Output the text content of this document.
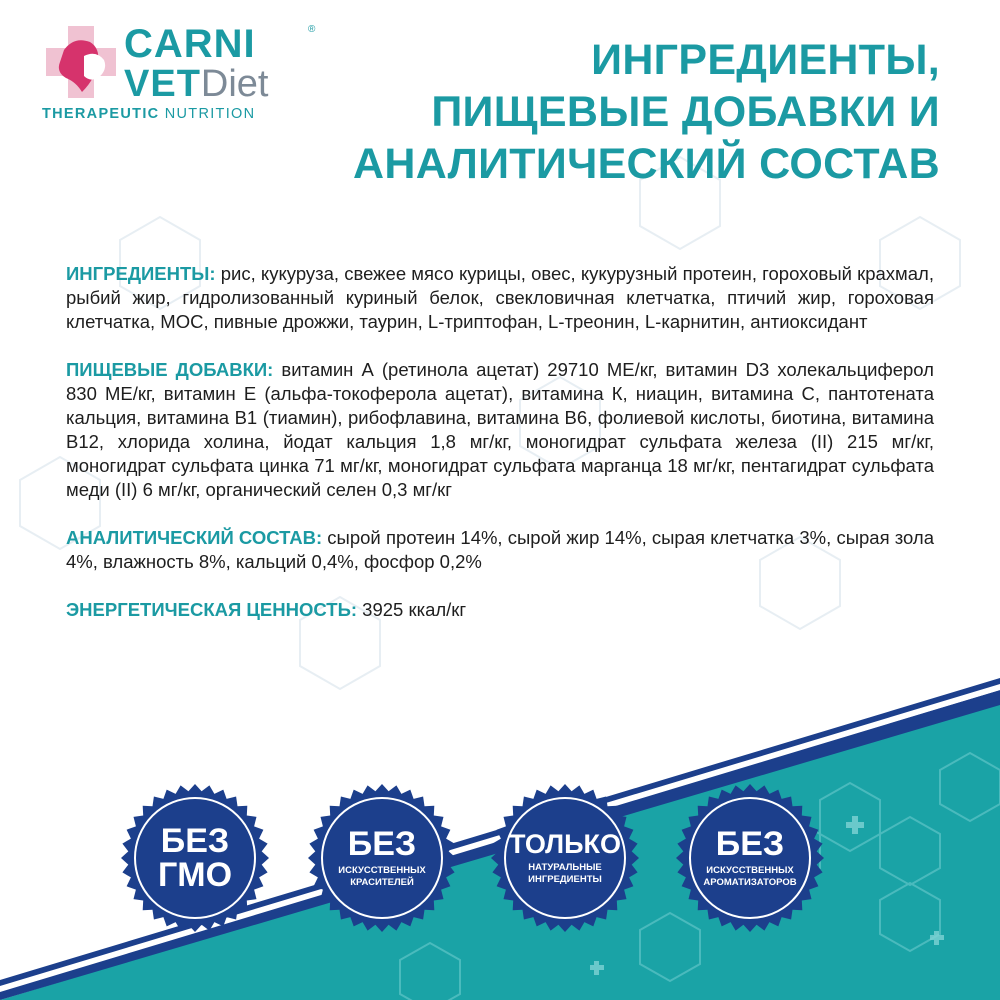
CARNI	®
VETDiet
THERAPEUTIC NUTRITION
ИНГРЕДИЕНТЫ,
ПИЩЕВЫЕ ДОБАВКИ И
АНАЛИТИЧЕСКИЙ СОСТАВ

ИНГРЕДИЕНТЫ: рис, кукуруза, свежее мясо курицы, овес, кукурузный протеин, гороховый крахмал, рыбий жир, гидролизованный куриный белок, свекловичная клетчатка, птичий жир, гороховая клетчатка, МОС, пивные дрожжи, таурин, L-триптофан, L-треонин, L-карнитин, антиоксидант

ПИЩЕВЫЕ ДОБАВКИ: витамин А (ретинола ацетат) 29710 МЕ/кг, витамин D3 холекальциферол 830 МЕ/кг, витамин Е (альфа-токоферола ацетат), витамина К, ниацин, витамина С, пантотената кальция, витамина В1 (тиамин), рибофлавина, витамина В6, фолиевой кислоты, биотина, витамина В12, хлорида холина, йодат кальция 1,8 мг/кг, моногидрат сульфата железа (II) 215 мг/кг, моногидрат сульфата цинка 71 мг/кг, моногидрат сульфата марганца 18 мг/кг, пентагидрат сульфата меди (II) 6 мг/кг, органический селен 0,3 мг/кг

АНАЛИТИЧЕСКИЙ СОСТАВ: сырой протеин 14%, сырой жир 14%, сырая клетчатка 3%, сырая зола 4%, влажность 8%, кальций 0,4%, фосфор 0,2%

ЭНЕРГЕТИЧЕСКАЯ ЦЕННОСТЬ: 3925 ккал/кг

БЕЗ
ГМО
БЕЗ
ИСКУССТВЕННЫХ
КРАСИТЕЛЕЙ
ТОЛЬКО
НАТУРАЛЬНЫЕ
ИНГРЕДИЕНТЫ
БЕЗ
ИСКУССТВЕННЫХ
АРОМАТИЗАТОРОВ
